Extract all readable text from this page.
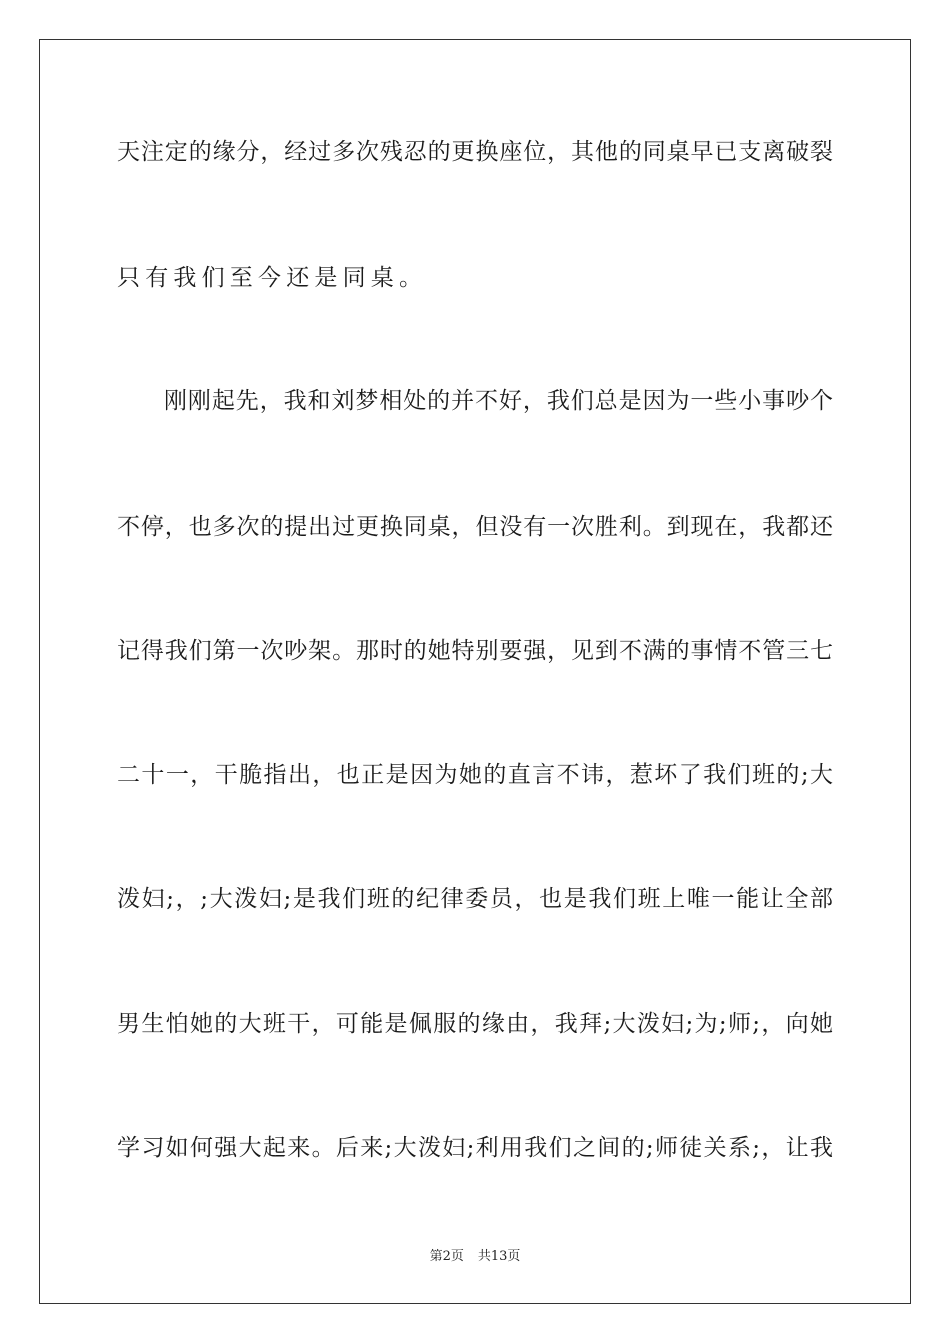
天注定的缘分，经过多次残忍的更换座位，其他的同桌早已支离破裂
只有我们至今还是同桌。
刚刚起先，我和刘梦相处的并不好，我们总是因为一些小事吵个
不停，也多次的提出过更换同桌，但没有一次胜利。到现在，我都还
记得我们第一次吵架。那时的她特别要强，见到不满的事情不管三七
二十一，干脆指出，也正是因为她的直言不讳，惹坏了我们班的;大
泼妇;，;大泼妇;是我们班的纪律委员，也是我们班上唯一能让全部
男生怕她的大班干，可能是佩服的缘由，我拜;大泼妇;为;师;，向她
学习如何强大起来。后来;大泼妇;利用我们之间的;师徒关系;，让我
第2页 共13页
